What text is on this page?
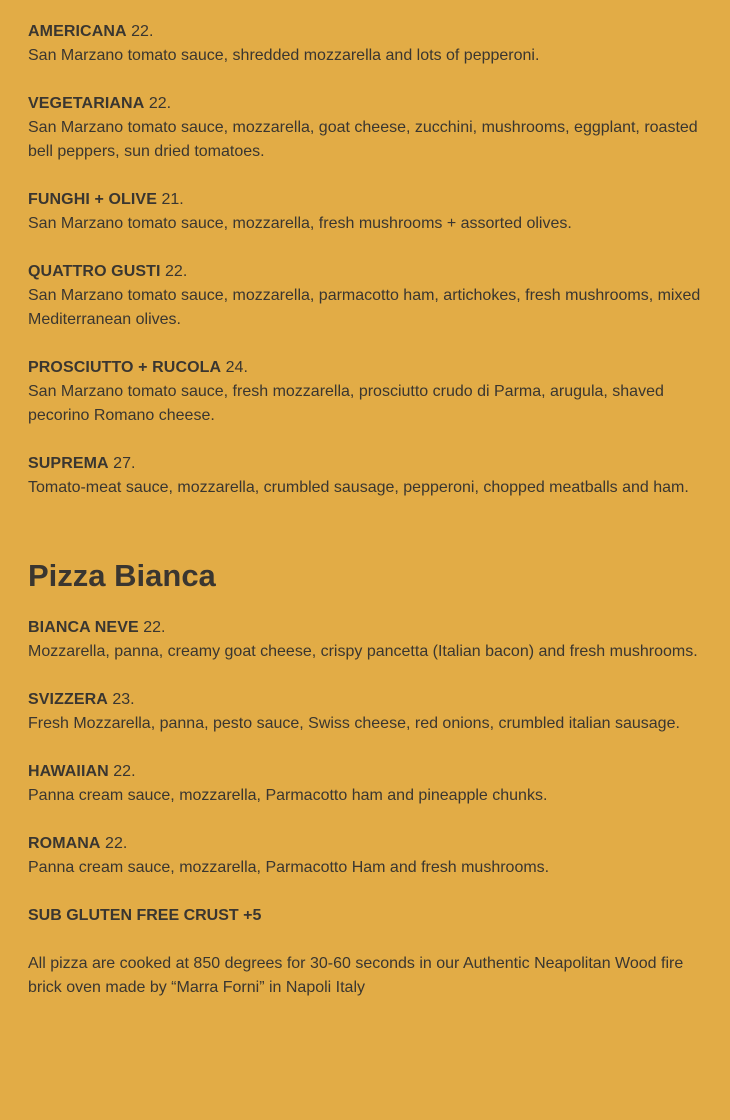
AMERICANA 22.

San Marzano tomato sauce, shredded mozzarella and lots of pepperoni.

VEGETARIANA 22.

San Marzano tomato sauce, mozzarella, goat cheese, zucchini, mushrooms, eggplant, roasted bell peppers, sun dried tomatoes.

FUNGHI + OLIVE 21.

San Marzano tomato sauce, mozzarella, fresh mushrooms + assorted olives.

QUATTRO GUSTI 22.

San Marzano tomato sauce, mozzarella, parmacotto ham, artichokes, fresh mushrooms, mixed Mediterranean olives.

PROSCIUTTO + RUCOLA 24.

San Marzano tomato sauce, fresh mozzarella, prosciutto crudo di Parma, arugula, shaved pecorino Romano cheese.

SUPREMA 27.

Tomato-meat sauce, mozzarella, crumbled sausage, pepperoni, chopped meatballs and ham.

Pizza Bianca
BIANCA NEVE 22.

Mozzarella, panna, creamy goat cheese, crispy pancetta (Italian bacon) and fresh mushrooms.

SVIZZERA 23.

Fresh Mozzarella, panna, pesto sauce, Swiss cheese, red onions, crumbled italian sausage.

HAWAIIAN 22.

Panna cream sauce, mozzarella, Parmacotto ham and pineapple chunks.

ROMANA 22.

Panna cream sauce, mozzarella, Parmacotto Ham and fresh mushrooms.

SUB GLUTEN FREE CRUST +5

All pizza are cooked at 850 degrees for 30-60 seconds in our Authentic Neapolitan Wood fire brick oven made by “Marra Forni” in Napoli Italy
